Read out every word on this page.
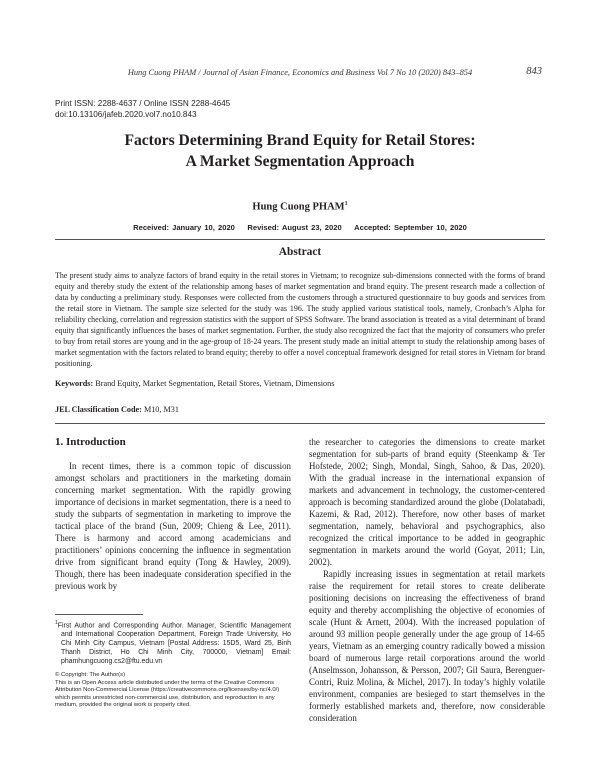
Hung Cuong PHAM / Journal of Asian Finance, Economics and Business Vol 7 No 10 (2020) 843–854	843
Print ISSN: 2288-4637 / Online ISSN 2288-4645
doi:10.13106/jafeb.2020.vol7.no10.843
Factors Determining Brand Equity for Retail Stores:
A Market Segmentation Approach
Hung Cuong PHAM$^1$
Received: January 10, 2020 Revised: August 23, 2020 Accepted: September 10, 2020
Abstract

The present study aims to analyze factors of brand equity in the retail stores in Vietnam; to recognize sub-dimensions connected with the forms of brand equity and thereby study the extent of the relationship among bases of market segmentation and brand equity. The present research made a collection of data by conducting a preliminary study. Responses were collected from the customers through a structured questionnaire to buy goods and services from the retail store in Vietnam. The sample size selected for the study was 196. The study applied various statistical tools, namely, Cronbach’s Alpha for reliability checking, correlation and regression statistics with the support of SPSS Software. The brand association is treated as a vital determinant of brand equity that significantly influences the bases of market segmentation. Further, the study also recognized the fact that the majority of consumers who prefer to buy from retail stores are young and in the age-group of 18-24 years. The present study made an initial attempt to study the relationship among bases of market segmentation with the factors related to brand equity; thereby to offer a novel conceptual framework designed for retail stores in Vietnam for brand positioning.

Keywords: Brand Equity, Market Segmentation, Retail Stores, Vietnam, Dimensions

JEL Classification Code: M10, M31

1. Introduction

In recent times, there is a common topic of discussion amongst scholars and practitioners in the marketing domain concerning market segmentation. With the rapidly growing importance of decisions in market segmentation, there is a need to study the subparts of segmentation in marketing to improve the tactical place of the brand (Sun, 2009; Chieng & Lee, 2011). There is harmony and accord among academicians and practitioners’ opinions concerning the influence in segmentation drive from significant brand equity (Tong & Hawley, 2009). Though, there has been inadequate consideration specified in the previous work by

the researcher to categories the dimensions to create market segmentation for sub-parts of brand equity (Steenkamp & Ter Hofstede, 2002; Singh, Mondal, Singh, Sahoo, & Das, 2020). With the gradual increase in the international expansion of markets and advancement in technology, the customer-centered approach is becoming standardized around the globe (Dolatabadi, Kazemi, & Rad, 2012). Therefore, now other bases of market segmentation, namely, behavioral and psychographics, also recognized the critical importance to be added in geographic segmentation in markets around the world (Goyat, 2011; Lin, 2002).

Rapidly increasing issues in segmentation at retail markets raise the requirement for retail stores to create deliberate positioning decisions on increasing the effectiveness of brand equity and thereby accomplishing the objective of economies of scale (Hunt & Arnett, 2004). With the increased population of around 93 million people generally under the age group of 14-65 years, Vietnam as an emerging country radically bowed a mission board of numerous large retail corporations around the world (Anselmsson, Johansson, & Persson, 2007; Gil Saura, Berenguer-Contri, Ruiz Molina, & Michel, 2017). In today’s highly volatile environment, companies are besieged to start themselves in the formerly established markets and, therefore, now considerable consideration

$^1$First Author and Corresponding Author. Manager, Scientific Management and International Cooperation Department, Foreign Trade University, Ho Chi Minh City Campus, Vietnam [Postal Address: 15D5, Ward 25, Binh Thanh District, Ho Chi Minh City, 700000, Vietnam] Email: phamhungcuong.cs2@ftu.edu.vn
© Copyright: The Author(s)
This is an Open Access article distributed under the terms of the Creative Commons Attribution Non-Commercial License (https://creativecommons.org/licenses/by-nc/4.0/) which permits unrestricted non-commercial use, distribution, and reproduction in any medium, provided the original work is properly cited.
